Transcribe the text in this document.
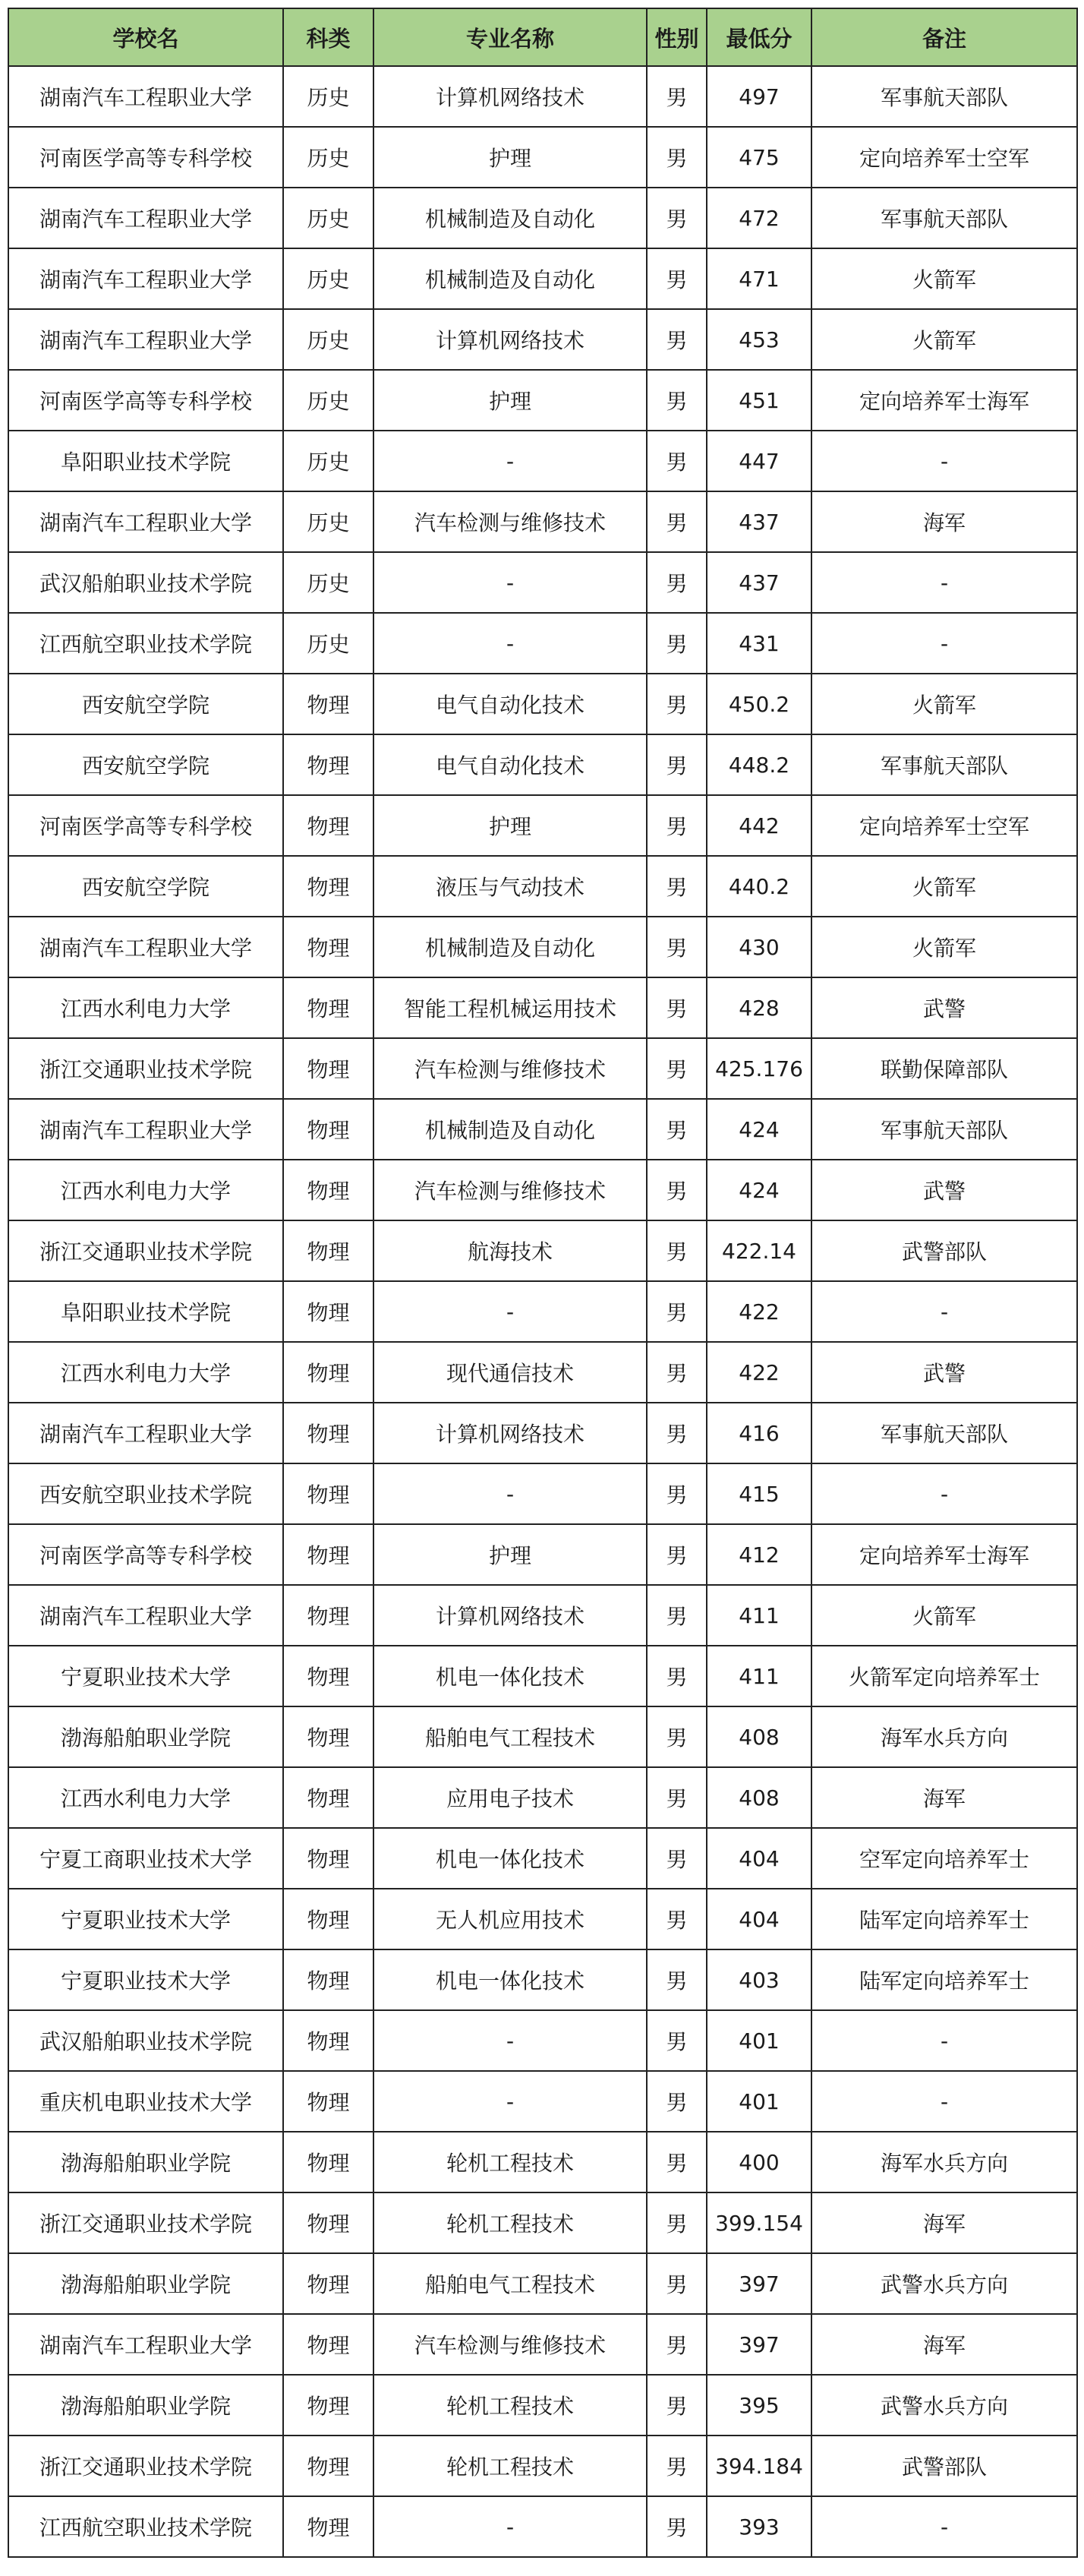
学校名	科类	专业名称	性别	最低分	备注
湖南汽车工程职业大学	历史	计算机网络技术	男	497	军事航天部队
河南医学高等专科学校	历史	护理	男	475	定向培养军士空军
湖南汽车工程职业大学	历史	机械制造及自动化	男	472	军事航天部队
湖南汽车工程职业大学	历史	机械制造及自动化	男	471	火箭军
湖南汽车工程职业大学	历史	计算机网络技术	男	453	火箭军
河南医学高等专科学校	历史	护理	男	451	定向培养军士海军
阜阳职业技术学院	历史	-	男	447	-
湖南汽车工程职业大学	历史	汽车检测与维修技术	男	437	海军
武汉船舶职业技术学院	历史	-	男	437	-
江西航空职业技术学院	历史	-	男	431	-
西安航空学院	物理	电气自动化技术	男	450.2	火箭军
西安航空学院	物理	电气自动化技术	男	448.2	军事航天部队
河南医学高等专科学校	物理	护理	男	442	定向培养军士空军
西安航空学院	物理	液压与气动技术	男	440.2	火箭军
湖南汽车工程职业大学	物理	机械制造及自动化	男	430	火箭军
江西水利电力大学	物理	智能工程机械运用技术	男	428	武警
浙江交通职业技术学院	物理	汽车检测与维修技术	男	425.176	联勤保障部队
湖南汽车工程职业大学	物理	机械制造及自动化	男	424	军事航天部队
江西水利电力大学	物理	汽车检测与维修技术	男	424	武警
浙江交通职业技术学院	物理	航海技术	男	422.14	武警部队
阜阳职业技术学院	物理	-	男	422	-
江西水利电力大学	物理	现代通信技术	男	422	武警
湖南汽车工程职业大学	物理	计算机网络技术	男	416	军事航天部队
西安航空职业技术学院	物理	-	男	415	-
河南医学高等专科学校	物理	护理	男	412	定向培养军士海军
湖南汽车工程职业大学	物理	计算机网络技术	男	411	火箭军
宁夏职业技术大学	物理	机电一体化技术	男	411	火箭军定向培养军士
渤海船舶职业学院	物理	船舶电气工程技术	男	408	海军水兵方向
江西水利电力大学	物理	应用电子技术	男	408	海军
宁夏工商职业技术大学	物理	机电一体化技术	男	404	空军定向培养军士
宁夏职业技术大学	物理	无人机应用技术	男	404	陆军定向培养军士
宁夏职业技术大学	物理	机电一体化技术	男	403	陆军定向培养军士
武汉船舶职业技术学院	物理	-	男	401	-
重庆机电职业技术大学	物理	-	男	401	-
渤海船舶职业学院	物理	轮机工程技术	男	400	海军水兵方向
浙江交通职业技术学院	物理	轮机工程技术	男	399.154	海军
渤海船舶职业学院	物理	船舶电气工程技术	男	397	武警水兵方向
湖南汽车工程职业大学	物理	汽车检测与维修技术	男	397	海军
渤海船舶职业学院	物理	轮机工程技术	男	395	武警水兵方向
浙江交通职业技术学院	物理	轮机工程技术	男	394.184	武警部队
江西航空职业技术学院	物理	-	男	393	-
